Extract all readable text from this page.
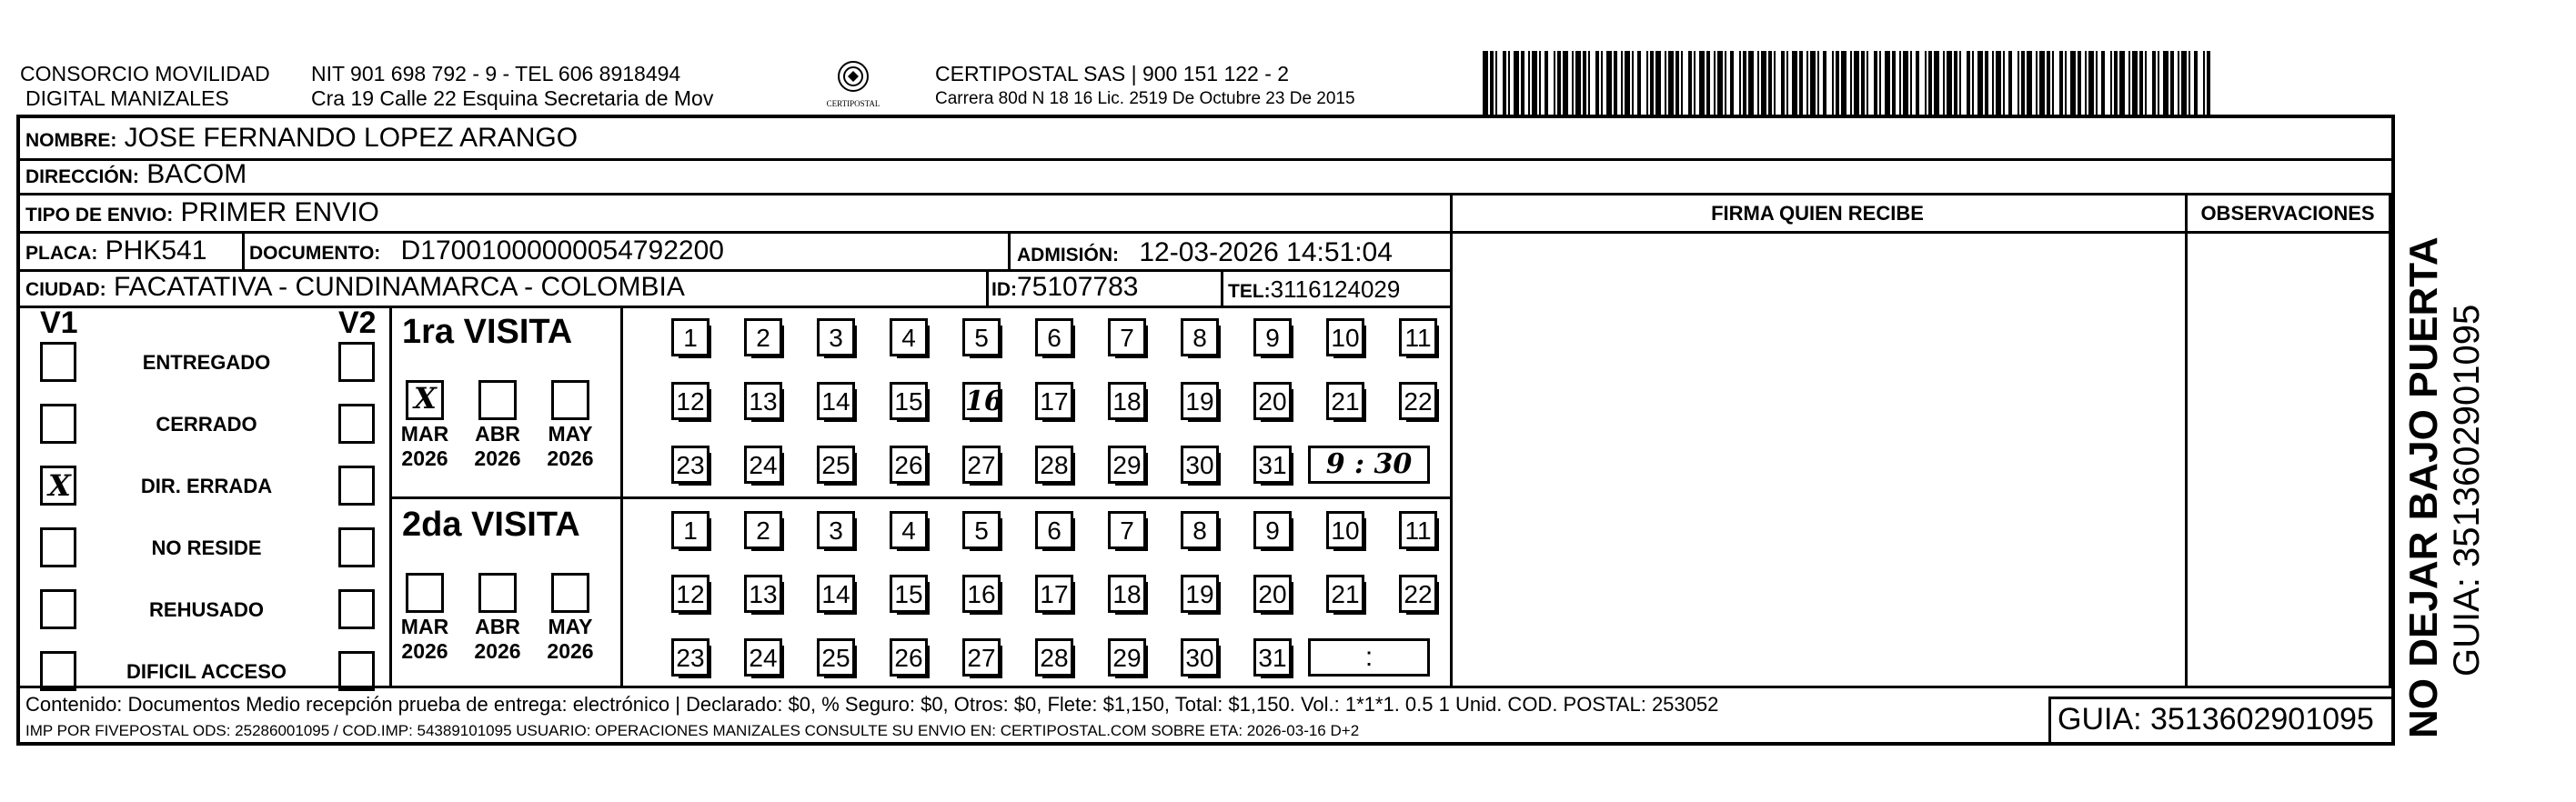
CONSORCIO MOVILIDAD
DIGITAL MANIZALES
NIT 901 698 792 - 9 - TEL 606 8918494
Cra 19 Calle 22 Esquina Secretaria de Mov	CERTIPOSTAL
CERTIPOSTAL SAS | 900 151 122 - 2
Carrera 80d N 18 16 Lic. 2519 De Octubre 23 De 2015
NOMBRE: JOSE FERNANDO LOPEZ ARANGO
DIRECCIÓN: BACOM
TIPO DE ENVIO: PRIMER ENVIO
PLACA: PHK541 DOCUMENTO: D17001000000054792200	ADMISIÓN: 12-03-2026 14:51:04
CIUDAD: FACATATIVA - CUNDINAMARCA - COLOMBIA	ID:75107783	TEL:3116124029
FIRMA QUIEN RECIBE	OBSERVACIONES
V1	V2
ENTREGADO
CERRADO
X	DIR. ERRADA
NO RESIDE
REHUSADO
DIFICIL ACCESO
1ra VISITA
2da VISITA
X
MAR
2026
ABR
2026
MAY
2026
1	2	3	4	5	6	7	8	9	10 11
12 13 14 15 16 17 18 19 20 21 22
23 24 25 26 27 28 29 30 31	9 : 30
MAR
2026
ABR
2026
MAY
2026
1	2	3	4	5	6	7	8	9	10 11
12 13 14 15 16 17 18 19 20 21 22
23 24 25 26 27 28 29 30 31	:
Contenido: Documentos Medio recepción prueba de entrega: electrónico | Declarado: $0, % Seguro: $0, Otros: $0, Flete: $1,150, Total: $1,150. Vol.: 1*1*1. 0.5 1 Unid. COD. POSTAL: 253052
IMP POR FIVEPOSTAL ODS: 25286001095 / COD.IMP: 54389101095 USUARIO: OPERACIONES MANIZALES CONSULTE SU ENVIO EN: CERTIPOSTAL.COM SOBRE ETA: 2026-03-16 D+2	GUIA: 3513602901095 NO DEJAR BAJO PUERTA GUIA: 3513602901095
